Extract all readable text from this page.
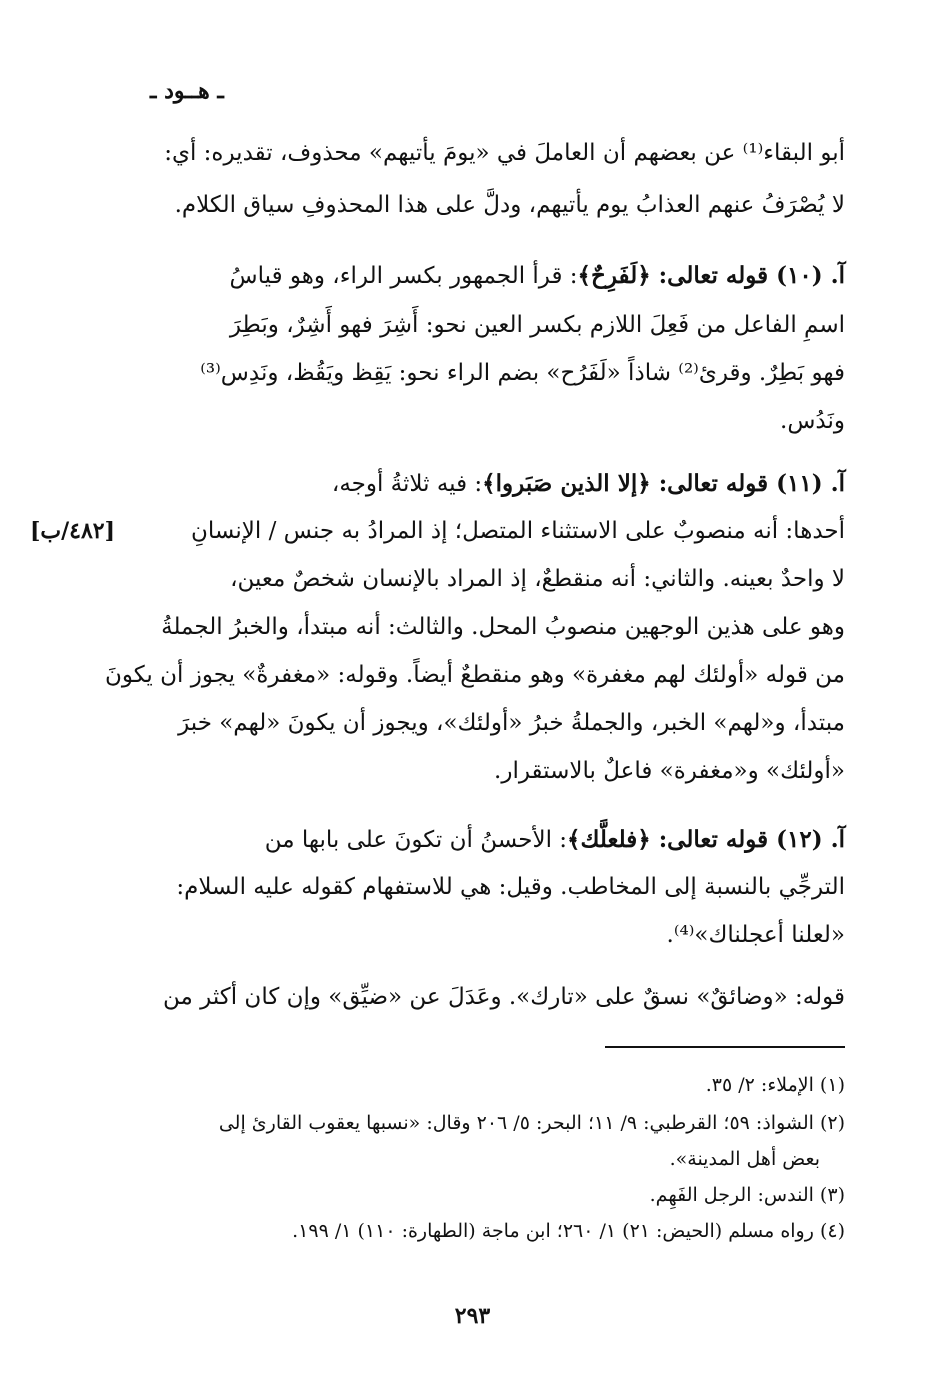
ـ هــود ـ
أبو البقاء⁽¹⁾ عن بعضهم أن العاملَ في «يومَ يأتيهم» محذوف، تقديره: أي:
لا يُصْرَفُ عنهم العذابُ يوم يأتيهم، ودلَّ على هذا المحذوفِ سياق الكلام.
آ. (١٠) قوله تعالى: ﴿لَفَرِحٌ﴾: قرأ الجمهور بكسر الراء، وهو قياسُ
اسمِ الفاعل من فَعِلَ اللازم بكسر العين نحو: أَشِرَ فهو أَشِرٌ، وبَطِرَ
فهو بَطِرٌ. وقرئ⁽²⁾ شاذاً «لَفَرُح» بضم الراء نحو: يَقِظ ويَقُظ، ونَدِس⁽³⁾
ونَدُس.
آ. (١١) قوله تعالى: ﴿إلا الذين صَبَروا﴾: فيه ثلاثةُ أوجه،
أحدها: أنه منصوبٌ على الاستثناء المتصل؛ إذ المرادُ به جنس / الإنسانِ
لا واحدٌ بعينه. والثاني: أنه منقطعٌ، إذ المراد بالإنسان شخصٌ معين،
وهو على هذين الوجهين منصوبُ المحل. والثالث: أنه مبتدأ، والخبرُ الجملةُ
من قوله «أولئك لهم مغفرة» وهو منقطعٌ أيضاً. وقوله: «مغفرةٌ» يجوز أن يكونَ
مبتدأ، و«لهم» الخبر، والجملةُ خبرُ «أولئك»، ويجوز أن يكونَ «لهم» خبرَ
«أولئك» و«مغفرة» فاعلٌ بالاستقرار.
[٤٨٢/ب]
آ. (١٢) قوله تعالى: ﴿فلعلَّك﴾: الأحسنُ أن تكونَ على بابها من
الترجِّي بالنسبة إلى المخاطب. وقيل: هي للاستفهام كقوله عليه السلام:
«لعلنا أعجلناك»⁽⁴⁾.
قوله: «وضائقٌ» نسقٌ على «تارك». وعَدَلَ عن «ضيِّق» وإن كان أكثر من
(١) الإملاء: ٢/ ٣٥.
(٢) الشواذ: ٥٩؛ القرطبي: ٩/ ١١؛ البحر: ٥/ ٢٠٦ وقال: «نسبها يعقوب القارئ إلى
بعض أهل المدينة».
(٣) الندس: الرجل الفَهِم.
(٤) رواه مسلم (الحيض: ٢١) ١/ ٢٦٠؛ ابن ماجة (الطهارة: ١١٠) ١/ ١٩٩.
٢٩٣
